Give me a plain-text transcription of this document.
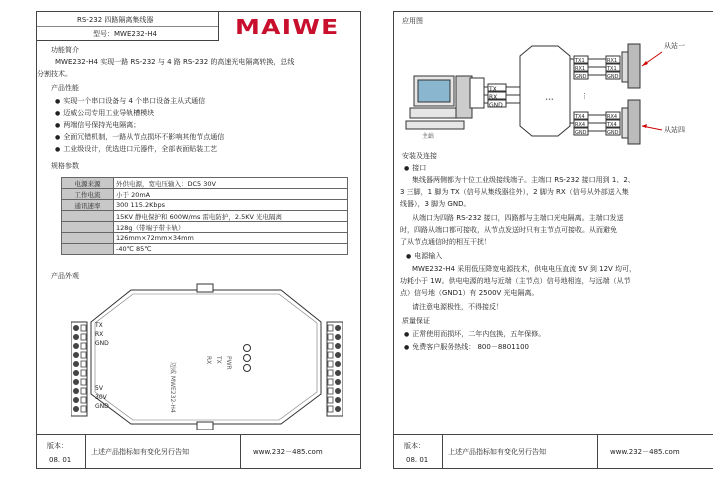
RS-232 四路隔离集线器
型号：MWE232-H4	MAIWE
功能简介
MWE232-H4 实现一路 RS-232 与 4 路 RS-232 的高速光电隔离转换，总线
分割技术。
产品性能
● 实现一个串口设备与 4 个串口设备主从式通信
● 迈威公司专用工业导轨槽模块
● 两端信号保持光电隔离；
● 全面冗错机制，一路从节点损坏不影响其他节点通信
● 工业级设计，优选进口元器件，全部表面贴装工艺
规格参数
电源来源	外供电源，宽电压输入：DC5 30V
工作电流	小于 20mA
通讯速率	300 115.2Kbps
	15KV 静电保护和 600W/ms 雷电防护，2.5KV 光电隔离
	128g（带端子带卡轨）
	126mm×72mm×34mm
	-40℃ 85℃
产品外观
TX
RX
GND
5V
30V
GND	迈威 MWE232-H4	PWR
TX
RX
版本：
08. 01
上述产品指标如有变化另行告知	www.232－485.com
应用图
•••	⋮
TX
RX
GND
主站
TX1
RX1
GND
TX4
RX4
GND
RX1
TX1
GND
RX4
TX4
GND
从站一
从站四
安装及连接
● 接口
集线器两侧都为十位工业级接线端子。主端口 RS-232 接口用到 1、2、
3 三脚，1 脚为 TX（信号从集线器往外），2 脚为 RX（信号从外部送入集
线器），3 脚为 GND。
从端口为四路 RS-232 接口，四路都与主端口光电隔离。主端口发送
时，四路从端口都可接收，从节点发送时只有主节点可接收。从而避免
了从节点通信时的相互干扰！
● 电源输入
MWE232-H4 采用低压降宽电源技术，供电电压直流 5V 到 12V 均可，
功耗小于 1W。供电电源的地与近端（主节点）信号地相连，与远端（从节
点）信号地（GND1）有 2500V 光电隔离。
请注意电源极性，不得接反！
质量保证
● 正常使用而损坏，二年内包换，五年保修。
● 免费客户服务热线： 800－8801100
版本：
08. 01
上述产品指标如有变化另行告知	www.232－485.com
